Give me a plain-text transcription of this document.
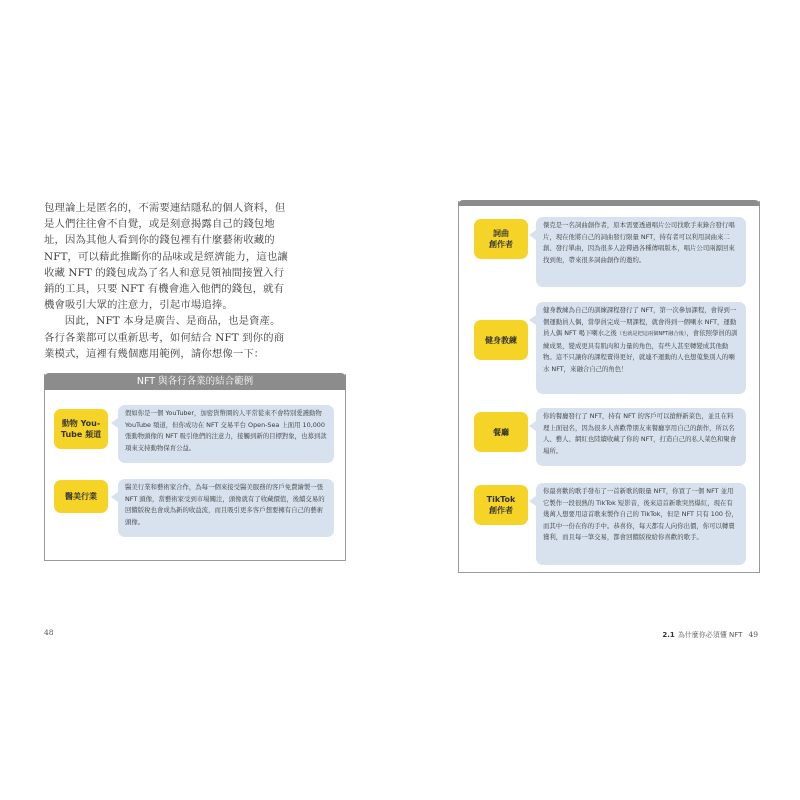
包理論上是匿名的，不需要連結隱私的個人資料，但是人們往往會不自覺，或是刻意揭露自己的錢包地址，因為其他人看到你的錢包裡有什麼藝術收藏的 NFT，可以藉此推斷你的品味或是經濟能力，這也讓收藏 NFT 的錢包成為了名人和意見領袖間接置入行銷的工具，只要 NFT 有機會進入他們的錢包，就有機會吸引大眾的注意力，引起市場追捧。

因此，NFT 本身是廣告、是商品，也是資產。各行各業都可以重新思考，如何結合 NFT 到你的商業模式，這裡有幾個應用範例，請你想像一下：

NFT 與各行各業的結合範例
動物 You-
Tube 頻道
假如你是一個 YouTuber，加密貨幣圈的人平常從來不會特別愛護動物 YouTube 頻道，但你成功在 NFT 交易平台 Open-Sea 上面用 10,000 張動物頭像的 NFT 吸引他們的注意力，接觸到新的目標對象，也募到款項來支持動物保育公益。
醫美行業
醫美行業和藝術家合作，為每一個來接受醫美服務的客戶免費繪製一張 NFT 頭像，當藝術家受到市場關注，頭像就有了收藏價值，後續交易的回饋版稅也會成為新的收益流，而且吸引更多客戶想要擁有自己的藝術頭像。
48
詞曲
創作者
傑克是一名詞曲創作者，原本需要透過唱片公司找歌手來錄合發行唱片，現在他將自己的詞曲發行限量 NFT，持有者可以利用詞曲來二創、發行單曲，因為很多人詮釋過各種傳唱版本，唱片公司兩源回來找到他，帶來很多詞曲創作的邀約。
健身教練
健身教練為自己的訓練課程發行了 NFT，第一次參加課程，會得到一個運動員人偶，當學員完成一期課程，就會得到一個喇水 NFT，運動員人偶 NFT 喝下喇水之後（也就是把這兩個NFT融合後），會依照學員的訓練成果，變成更具有肌肉和力量的角色，有些人甚至轉變成其他動物。這不只讓你的課程賣得更好，就連不運動的人也想蒐集別人的喇水 NFT，來融合自己的角色！
餐廳
你的餐廳發行了 NFT，持有 NFT 的客戶可以搶鮮新菜色，並且在料理上面冠名，因為很多人喜歡帶朋友來餐廳享用自己的創作，所以名人、藝人、網紅也陸續收藏了你的 NFT，打造自己的私人菜色和聚會場所。
TikTok
創作者
你最喜歡的歌手發布了一首新歌的限量 NFT，你買了一個 NFT 並用它製作一段很熱的 TikTok 短影音，後來這首新歌突然爆紅，現在有幾萬人想要用這首歌來製作自己的 TikTok，但是 NFT 只有 100 份，而其中一份在你的手中。恭喜你，每天都有人向你出價，你可以轉賣獲利，而且每一筆交易，都會回饋版稅給你喜歡的歌手。
2.1 為什麼你必須懂 NFT 49
